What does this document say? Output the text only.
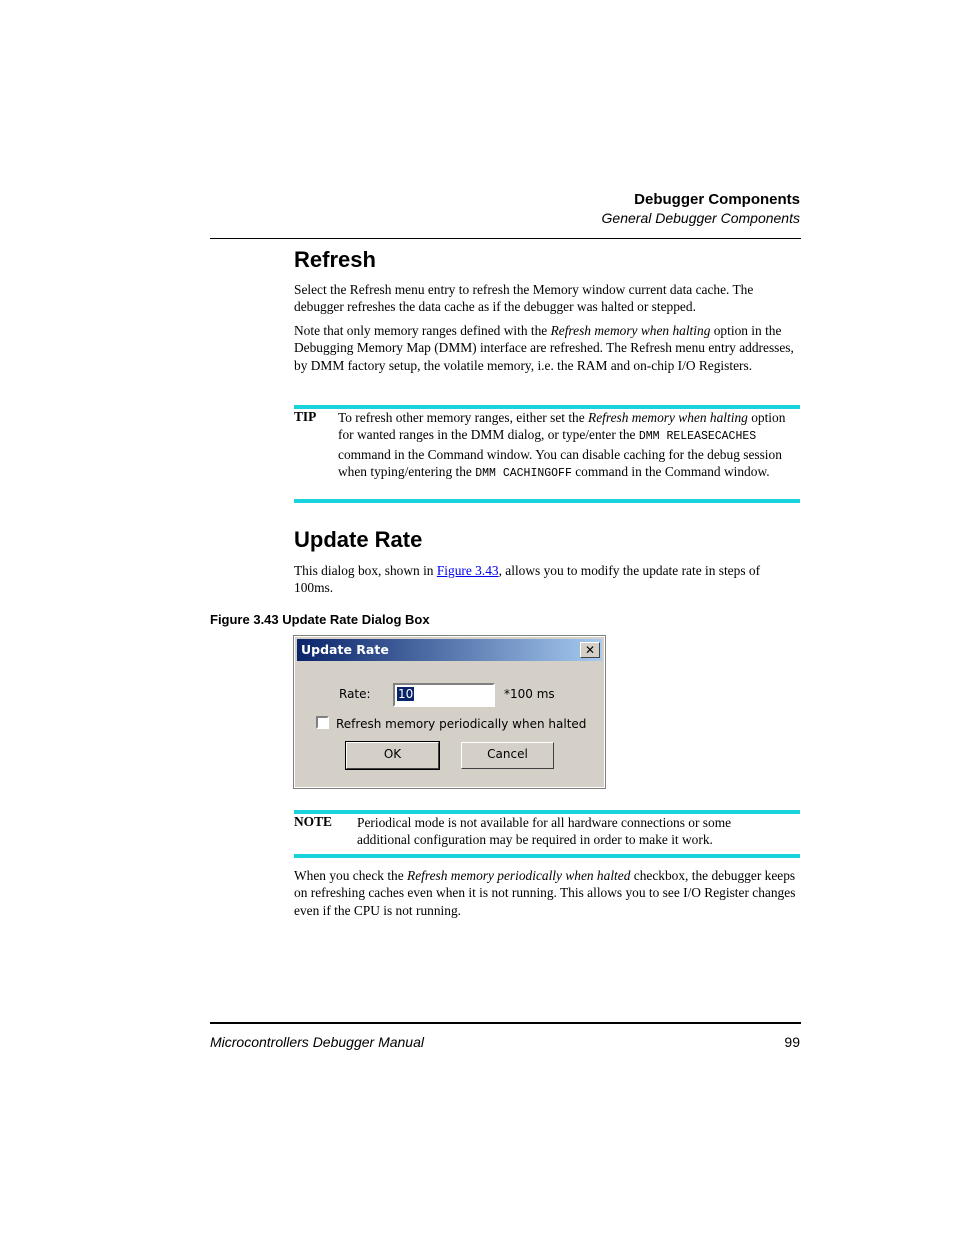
Debugger Components
General Debugger Components
Refresh
Select the Refresh menu entry to refresh the Memory window current data cache. The debugger refreshes the data cache as if the debugger was halted or stepped.
Note that only memory ranges defined with the Refresh memory when halting option in the Debugging Memory Map (DMM) interface are refreshed. The Refresh menu entry addresses, by DMM factory setup, the volatile memory, i.e. the RAM and on-chip I/O Registers.
TIP To refresh other memory ranges, either set the Refresh memory when halting option for wanted ranges in the DMM dialog, or type/enter the DMM RELEASECACHES command in the Command window. You can disable caching for the debug session when typing/entering the DMM CACHINGOFF command in the Command window.
Update Rate
This dialog box, shown in Figure 3.43, allows you to modify the update rate in steps of 100ms.
Figure 3.43 Update Rate Dialog Box
Update Rate	✕
Rate: 10	*100 ms
Refresh memory periodically when halted
OK	Cancel
NOTE Periodical mode is not available for all hardware connections or some additional configuration may be required in order to make it work.
When you check the Refresh memory periodically when halted checkbox, the debugger keeps on refreshing caches even when it is not running. This allows you to see I/O Register changes even if the CPU is not running.
Microcontrollers Debugger Manual	99
